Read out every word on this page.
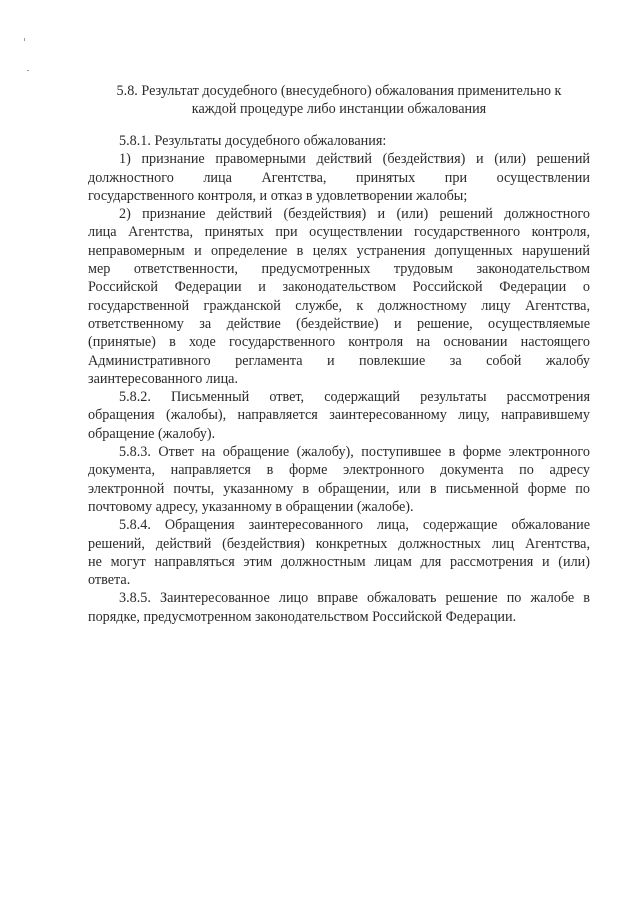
5.8. Результат досудебного (внесудебного) обжалования применительно к
каждой процедуре либо инстанции обжалования

5.8.1. Результаты досудебного обжалования:

1) признание правомерными действий (бездействия) и (или) решений
должностного лица Агентства, принятых при осуществлении
государственного контроля, и отказ в удовлетворении жалобы;

2) признание действий (бездействия) и (или) решений должностного
лица Агентства, принятых при осуществлении государственного контроля,
неправомерным и определение в целях устранения допущенных нарушений
мер ответственности, предусмотренных трудовым законодательством
Российской Федерации и законодательством Российской Федерации о
государственной гражданской службе, к должностному лицу Агентства,
ответственному за действие (бездействие) и решение, осуществляемые
(принятые) в ходе государственного контроля на основании настоящего
Административного регламента и повлекшие за собой жалобу
заинтересованного лица.

5.8.2. Письменный ответ, содержащий результаты рассмотрения
обращения (жалобы), направляется заинтересованному лицу, направившему
обращение (жалобу).

5.8.3. Ответ на обращение (жалобу), поступившее в форме электронного
документа, направляется в форме электронного документа по адресу
электронной почты, указанному в обращении, или в письменной форме по
почтовому адресу, указанному в обращении (жалобе).

5.8.4. Обращения заинтересованного лица, содержащие обжалование
решений, действий (бездействия) конкретных должностных лиц Агентства,
не могут направляться этим должностным лицам для рассмотрения и (или)
ответа.

3.8.5. Заинтересованное лицо вправе обжаловать решение по жалобе в
порядке, предусмотренном законодательством Российской Федерации.
